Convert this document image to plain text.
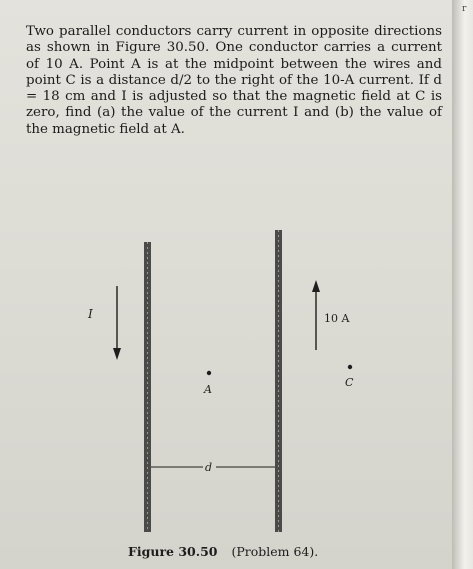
r

Two parallel conductors carry current in opposite directions as shown in Figure 30.50. One conductor carries a current of 10 A. Point A is at the midpoint between the wires and point C is a distance d/2 to the right of the 10-A current. If d = 18 cm and I is adjusted so that the magnetic field at C is zero, find (a) the value of the current I and (b) the value of the magnetic field at A.

I	10 A
A
C
d
Figure 30.50 (Problem 64).
